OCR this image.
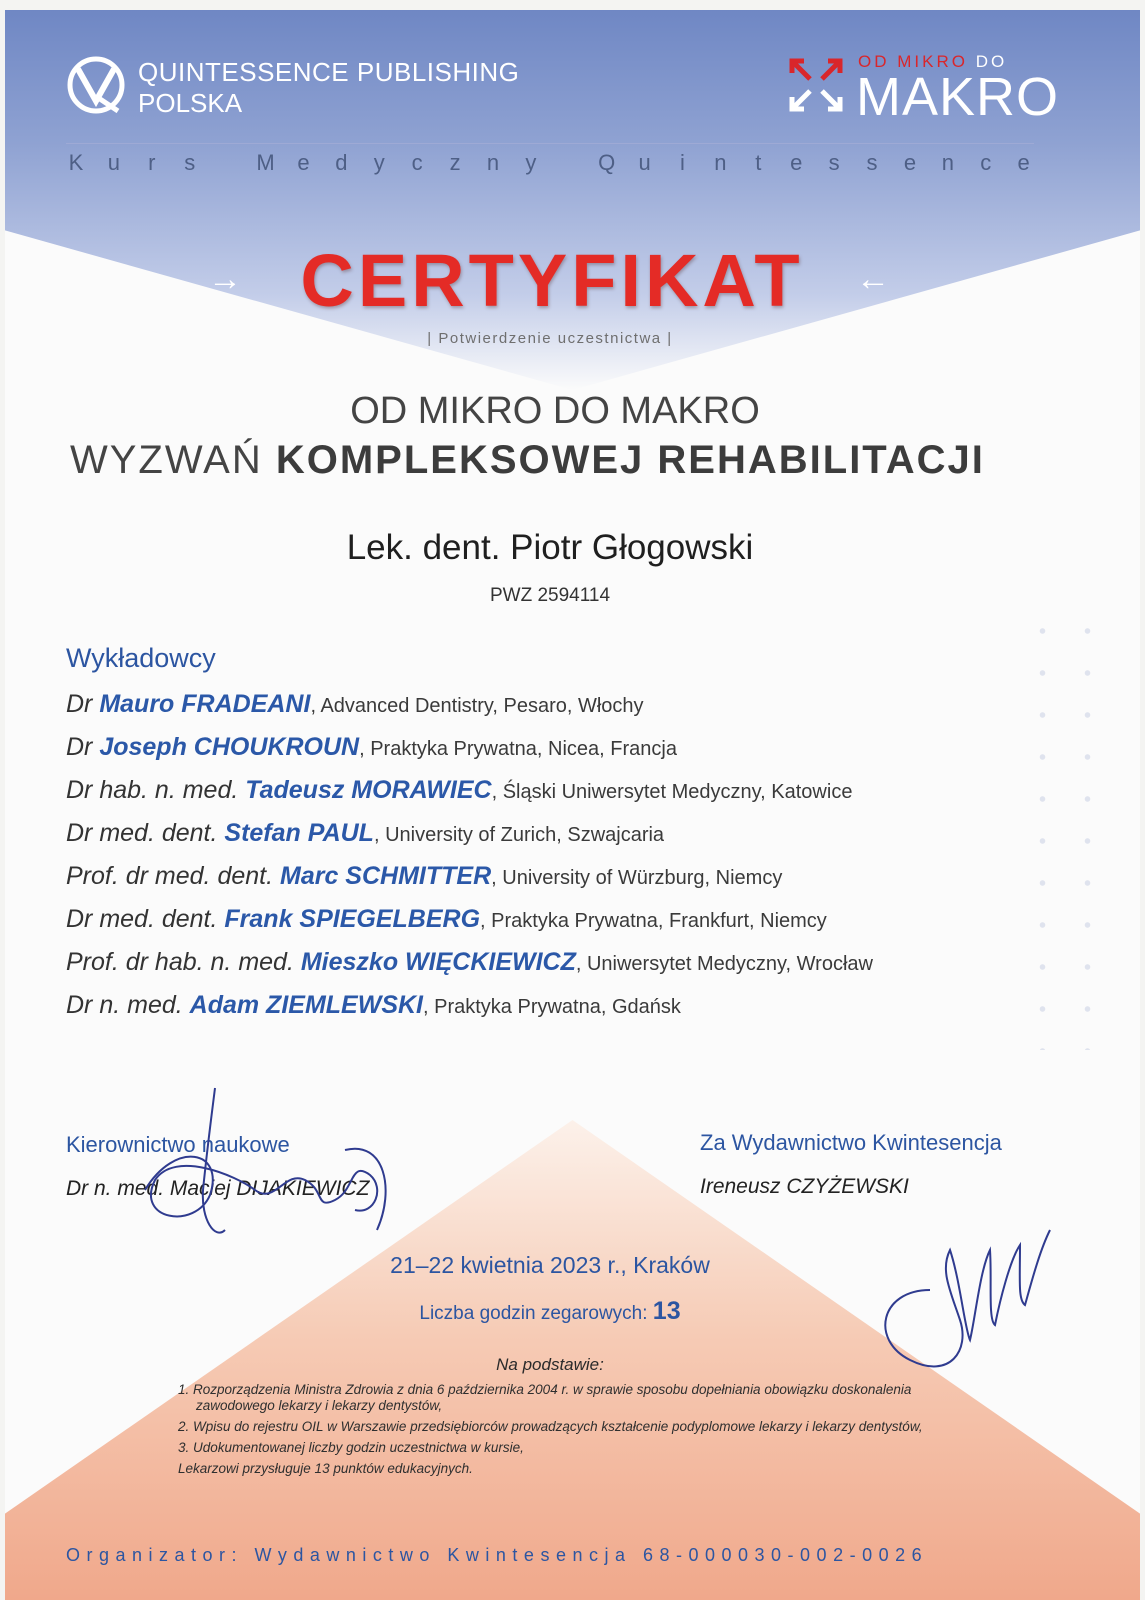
QUINTESSENCE PUBLISHING
POLSKA
OD MIKRO DO
MAKRO
K u r s	M e d y c z n y	Q u	i	n	t	e s s e n c e
→ CERTYFIKAT	←
| Potwierdzenie uczestnictwa |
OD MIKRO DO MAKRO
WYZWAŃ KOMPLEKSOWEJ REHABILITACJI
Lek. dent. Piotr Głogowski
PWZ 2594114
Wykładowcy
Dr Mauro FRADEANI, Advanced Dentistry, Pesaro, Włochy
Dr Joseph CHOUKROUN, Praktyka Prywatna, Nicea, Francja
Dr hab. n. med. Tadeusz MORAWIEC, Śląski Uniwersytet Medyczny, Katowice
Dr med. dent. Stefan PAUL, University of Zurich, Szwajcaria
Prof. dr med. dent. Marc SCHMITTER, University of Würzburg, Niemcy
Dr med. dent. Frank SPIEGELBERG, Praktyka Prywatna, Frankfurt, Niemcy
Prof. dr hab. n. med. Mieszko WIĘCKIEWICZ, Uniwersytet Medyczny, Wrocław
Dr n. med. Adam ZIEMLEWSKI, Praktyka Prywatna, Gdańsk
Kierownictwo naukowe
Dr n. med. Maciej DIJAKIEWICZ
Za Wydawnictwo Kwintesencja
Ireneusz CZYŻEWSKI
21–22 kwietnia 2023 r., Kraków
Liczba godzin zegarowych: 13
Na podstawie:
1. Rozporządzenia Ministra Zdrowia z dnia 6 października 2004 r. w sprawie sposobu dopełniania obowiązku doskonalenia zawodowego lekarzy i lekarzy dentystów,
2. Wpisu do rejestru OIL w Warszawie przedsiębiorców prowadzących kształcenie podyplomowe lekarzy i lekarzy dentystów,
3. Udokumentowanej liczby godzin uczestnictwa w kursie,
Lekarzowi przysługuje 13 punktów edukacyjnych.
Organizator: Wydawnictwo Kwintesencja 68-000030-002-0026
